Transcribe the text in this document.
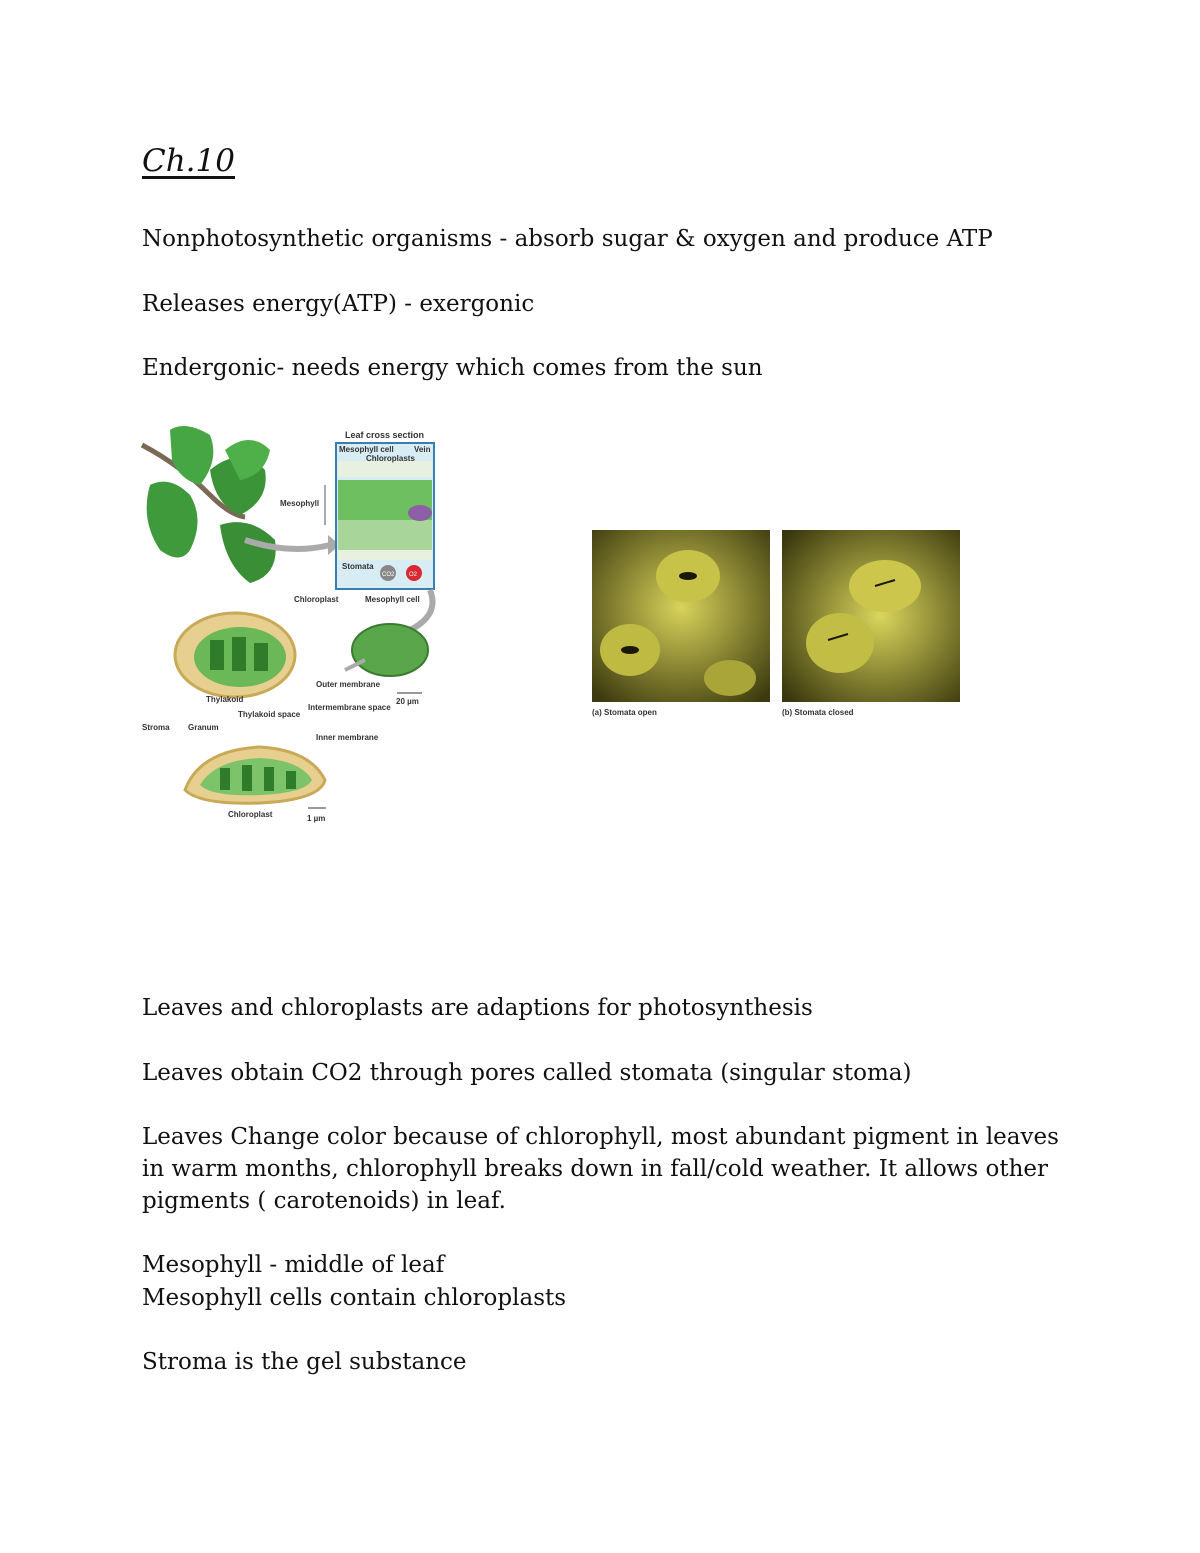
Ch.10

Nonphotosynthetic organisms - absorb sugar & oxygen and produce ATP

Releases energy(ATP) - exergonic

Endergonic- needs energy which comes from the sun

Leaf cross section
Mesophyll cell
Chloroplasts
Vein
Mesophyll
Stomata
CO2 O2
Chloroplast	Mesophyll cell
Outer membrane
Intermembrane space
20 µm
Thylakoid
Thylakoid space
Stroma Granum
Inner membrane
Chloroplast	1 µm
(a) Stomata open	(b) Stomata closed

Leaves and chloroplasts are adaptions for photosynthesis

Leaves obtain CO2 through pores called stomata (singular stoma)

Leaves Change color because of chlorophyll, most abundant pigment in leaves in warm months, chlorophyll breaks down in fall/cold weather. It allows other pigments ( carotenoids) in leaf.

Mesophyll - middle of leaf

Mesophyll cells contain chloroplasts

Stroma is the gel substance
